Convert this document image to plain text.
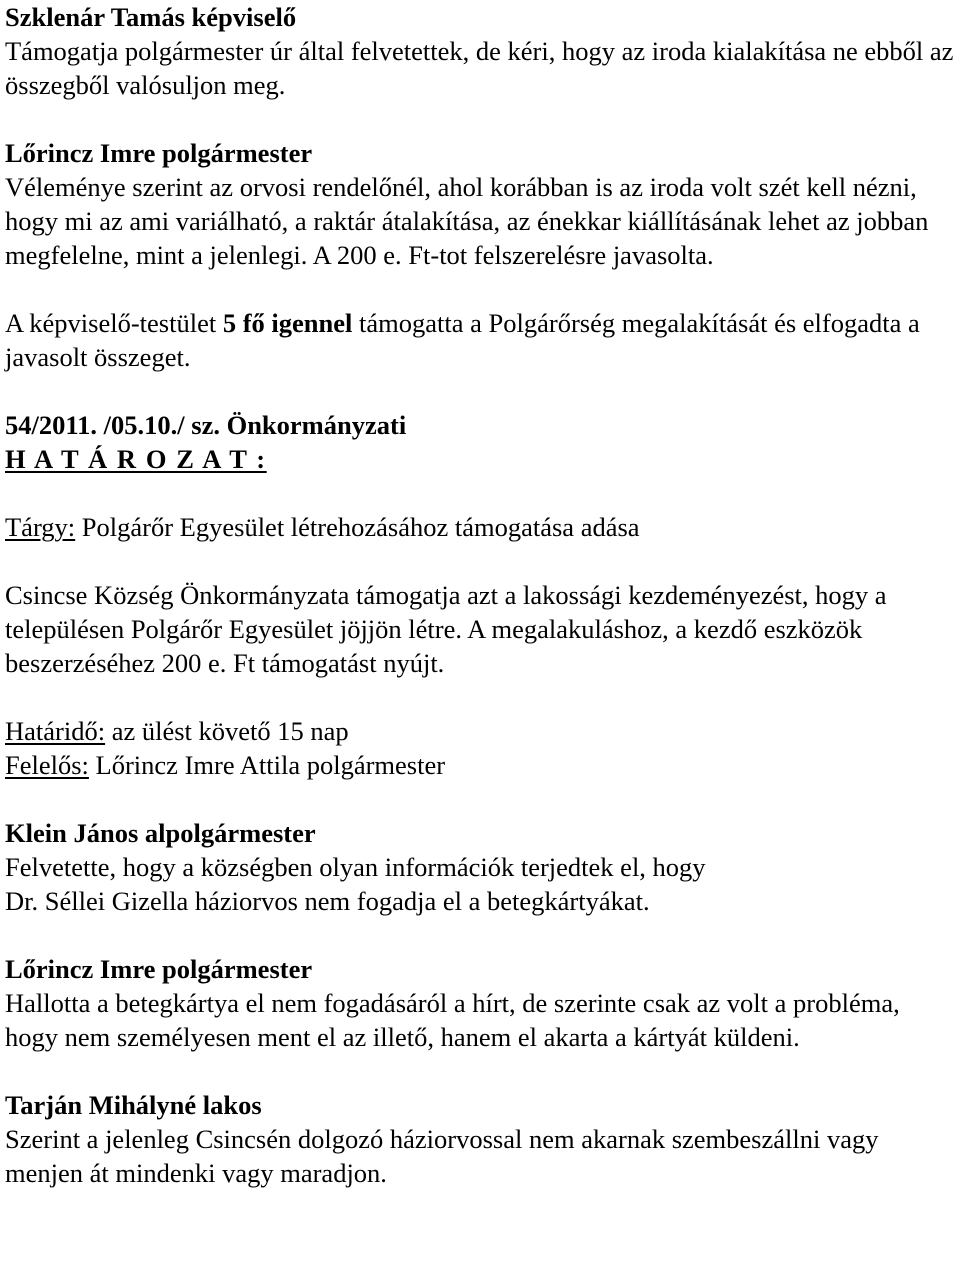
Szklenár Tamás képviselő

Támogatja polgármester úr által felvetettek, de kéri, hogy az iroda kialakítása ne ebből az összegből valósuljon meg.

Lőrincz Imre polgármester

Véleménye szerint az orvosi rendelőnél, ahol korábban is az iroda volt szét kell nézni, hogy mi az ami variálható, a raktár átalakítása, az énekkar kiállításának lehet az jobban megfelelne, mint a jelenlegi. A 200 e. Ft-tot felszerelésre javasolta.

A képviselő-testület 5 fő igennel támogatta a Polgárőrség megalakítását és elfogadta a javasolt összeget.

54/2011. /05.10./ sz. Önkormányzati

H A T Á R O Z A T :

Tárgy: Polgárőr Egyesület létrehozásához támogatása adása

Csincse Község Önkormányzata támogatja azt a lakossági kezdeményezést, hogy a településen Polgárőr Egyesület jöjjön létre. A megalakuláshoz, a kezdő eszközök beszerzéséhez 200 e. Ft támogatást nyújt.

Határidő: az ülést követő 15 nap

Felelős: Lőrincz Imre Attila polgármester

Klein János alpolgármester

Felvetette, hogy a községben olyan információk terjedtek el, hogy

Dr. Séllei Gizella háziorvos nem fogadja el a betegkártyákat.

Lőrincz Imre polgármester

Hallotta a betegkártya el nem fogadásáról a hírt, de szerinte csak az volt a probléma, hogy nem személyesen ment el az illető, hanem el akarta a kártyát küldeni.

Tarján Mihályné lakos

Szerint a jelenleg Csincsén dolgozó háziorvossal nem akarnak szembeszállni vagy menjen át mindenki vagy maradjon.
